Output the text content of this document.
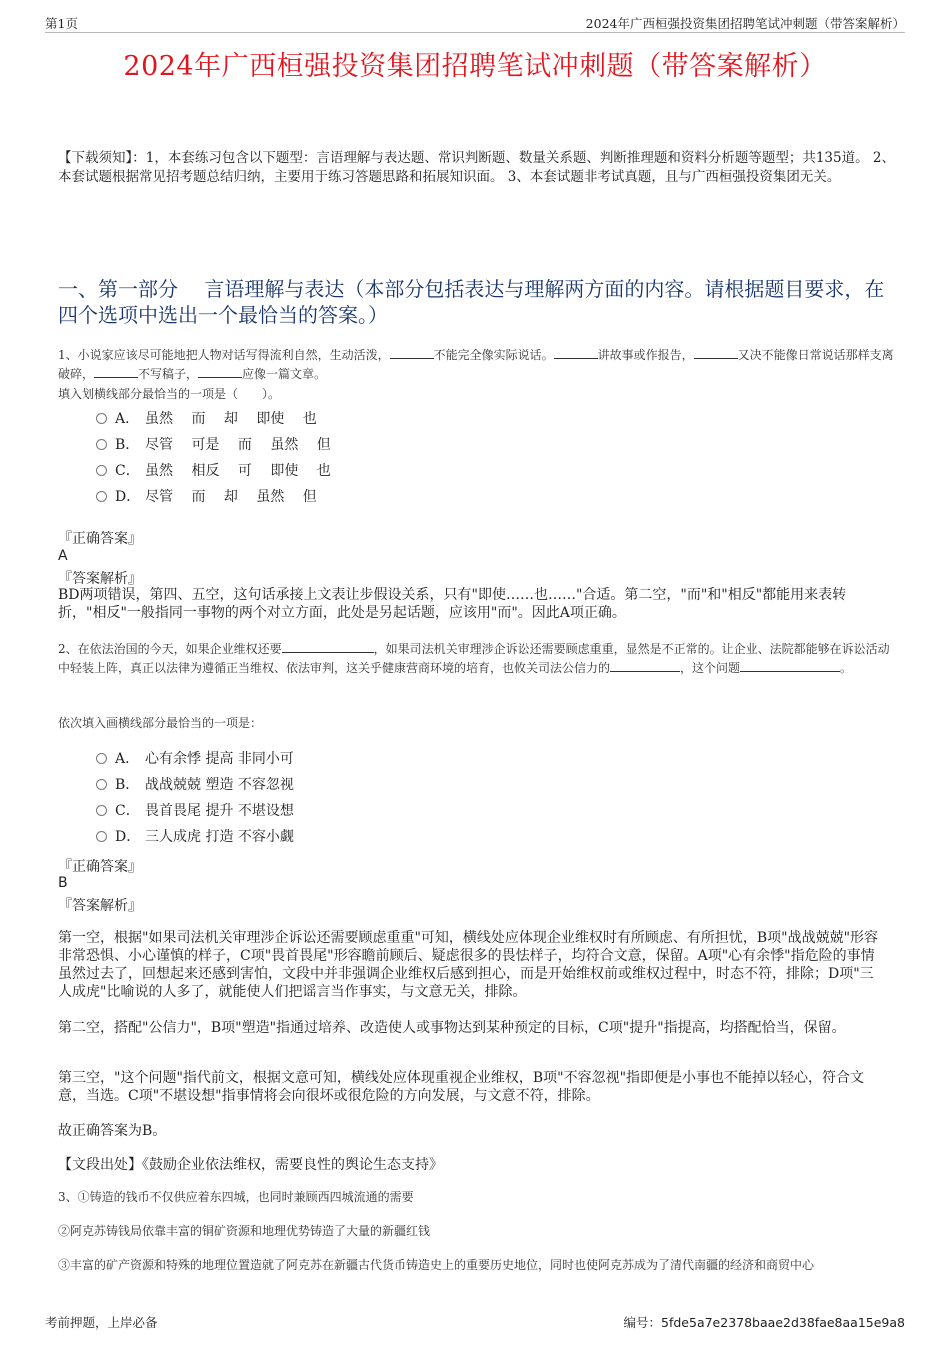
第1页	2024年广西桓强投资集团招聘笔试冲刺题（带答案解析）
2024年广西桓强投资集团招聘笔试冲刺题（带答案解析）
【下载须知】：1，本套练习包含以下题型：言语理解与表达题、常识判断题、数量关系题、判断推理题和资料分析题等题型；共135道。 2、本套试题根据常见招考题总结归纳，主要用于练习答题思路和拓展知识面。 3、本套试题非考试真题，且与广西桓强投资集团无关。
一、第一部分　 言语理解与表达（本部分包括表达与理解两方面的内容。请根据题目要求，在四个选项中选出一个最恰当的答案。）
1、小说家应该尽可能地把人物对话写得流利自然，生动活泼，	不能完全像实际说话。	讲故事或作报告，	又决不能像日常说话那样支离破碎，	不写稿子，	应像一篇文章。
填入划横线部分最恰当的一项是（　　）。
A． 虽然　 而　 却　 即使　 也
B． 尽管　 可是　 而　 虽然　 但
C． 虽然　 相反　 可　 即使　 也
D． 尽管　 而　 却　 虽然　 但
『正确答案』
A
『答案解析』
BD两项错误，第四、五空，这句话承接上文表让步假设关系，只有"即使……也……"合适。第二空，"而"和"相反"都能用来表转折，"相反"一般指同一事物的两个对立方面，此处是另起话题，应该用"而"。因此A项正确。
2、在依法治国的今天，如果企业维权还要	，如果司法机关审理涉企诉讼还需要顾虑重重，显然是不正常的。让企业、法院都能够在诉讼活动中轻装上阵，真正以法律为遵循正当维权、依法审判，这关乎健康营商环境的培育，也攸关司法公信力的	，这个问题	。
依次填入画横线部分最恰当的一项是：
A． 心有余悸 提高 非同小可
B． 战战兢兢 塑造 不容忽视
C． 畏首畏尾 提升 不堪设想
D． 三人成虎 打造 不容小觑
『正确答案』
B
『答案解析』
第一空，根据"如果司法机关审理涉企诉讼还需要顾虑重重"可知，横线处应体现企业维权时有所顾虑、有所担忧，B项"战战兢兢"形容非常恐惧、小心谨慎的样子，C项"畏首畏尾"形容瞻前顾后、疑虑很多的畏怯样子，均符合文意，保留。A项"心有余悸"指危险的事情虽然过去了，回想起来还感到害怕，文段中并非强调企业维权后感到担心，而是开始维权前或维权过程中，时态不符，排除；D项"三人成虎"比喻说的人多了，就能使人们把谣言当作事实，与文意无关，排除。
第二空，搭配"公信力"，B项"塑造"指通过培养、改造使人或事物达到某种预定的目标，C项"提升"指提高，均搭配恰当，保留。
第三空，"这个问题"指代前文，根据文意可知，横线处应体现重视企业维权，B项"不容忽视"指即便是小事也不能掉以轻心，符合文意，当选。C项"不堪设想"指事情将会向很坏或很危险的方向发展，与文意不符，排除。
故正确答案为B。
【文段出处】《鼓励企业依法维权，需要良性的舆论生态支持》
3、①铸造的钱币不仅供应着东四城，也同时兼顾西四城流通的需要
②阿克苏铸钱局依靠丰富的铜矿资源和地理优势铸造了大量的新疆红钱
③丰富的矿产资源和特殊的地理位置造就了阿克苏在新疆古代货币铸造史上的重要历史地位，同时也使阿克苏成为了清代南疆的经济和商贸中心
考前押题，上岸必备	编号：5fde5a7e2378baae2d38fae8aa15e9a8
